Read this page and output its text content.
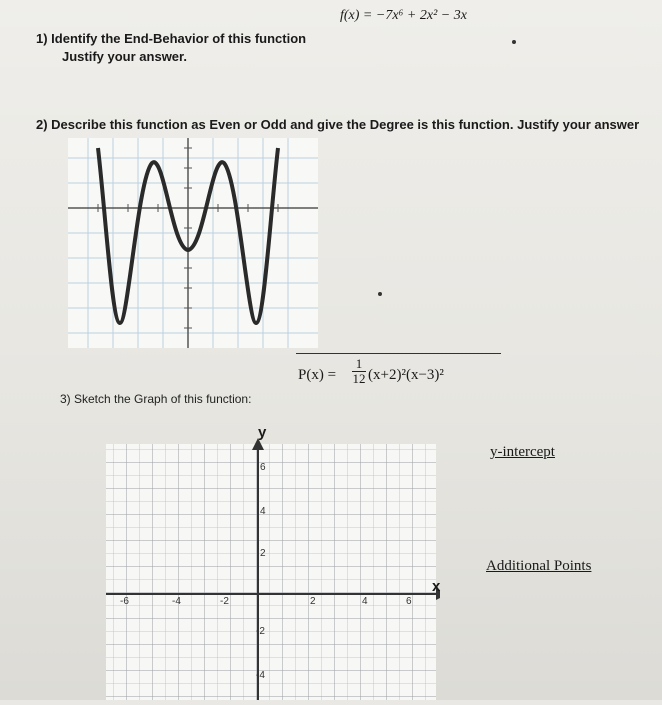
f(x) = −7x⁶ + 2x² − 3x
1) Identify the End-Behavior of this function
Justify your answer.
2) Describe this function as Even or Odd and give the Degree is this function. Justify your answer
3) Sketch the Graph of this function:
$P(x) = \frac{1}{12} (x+2)^2(x-3)^2$
y
x
-6	-4	-2	2	4	6
6
4
2
-2
-4
y-intercept
Additional Points
